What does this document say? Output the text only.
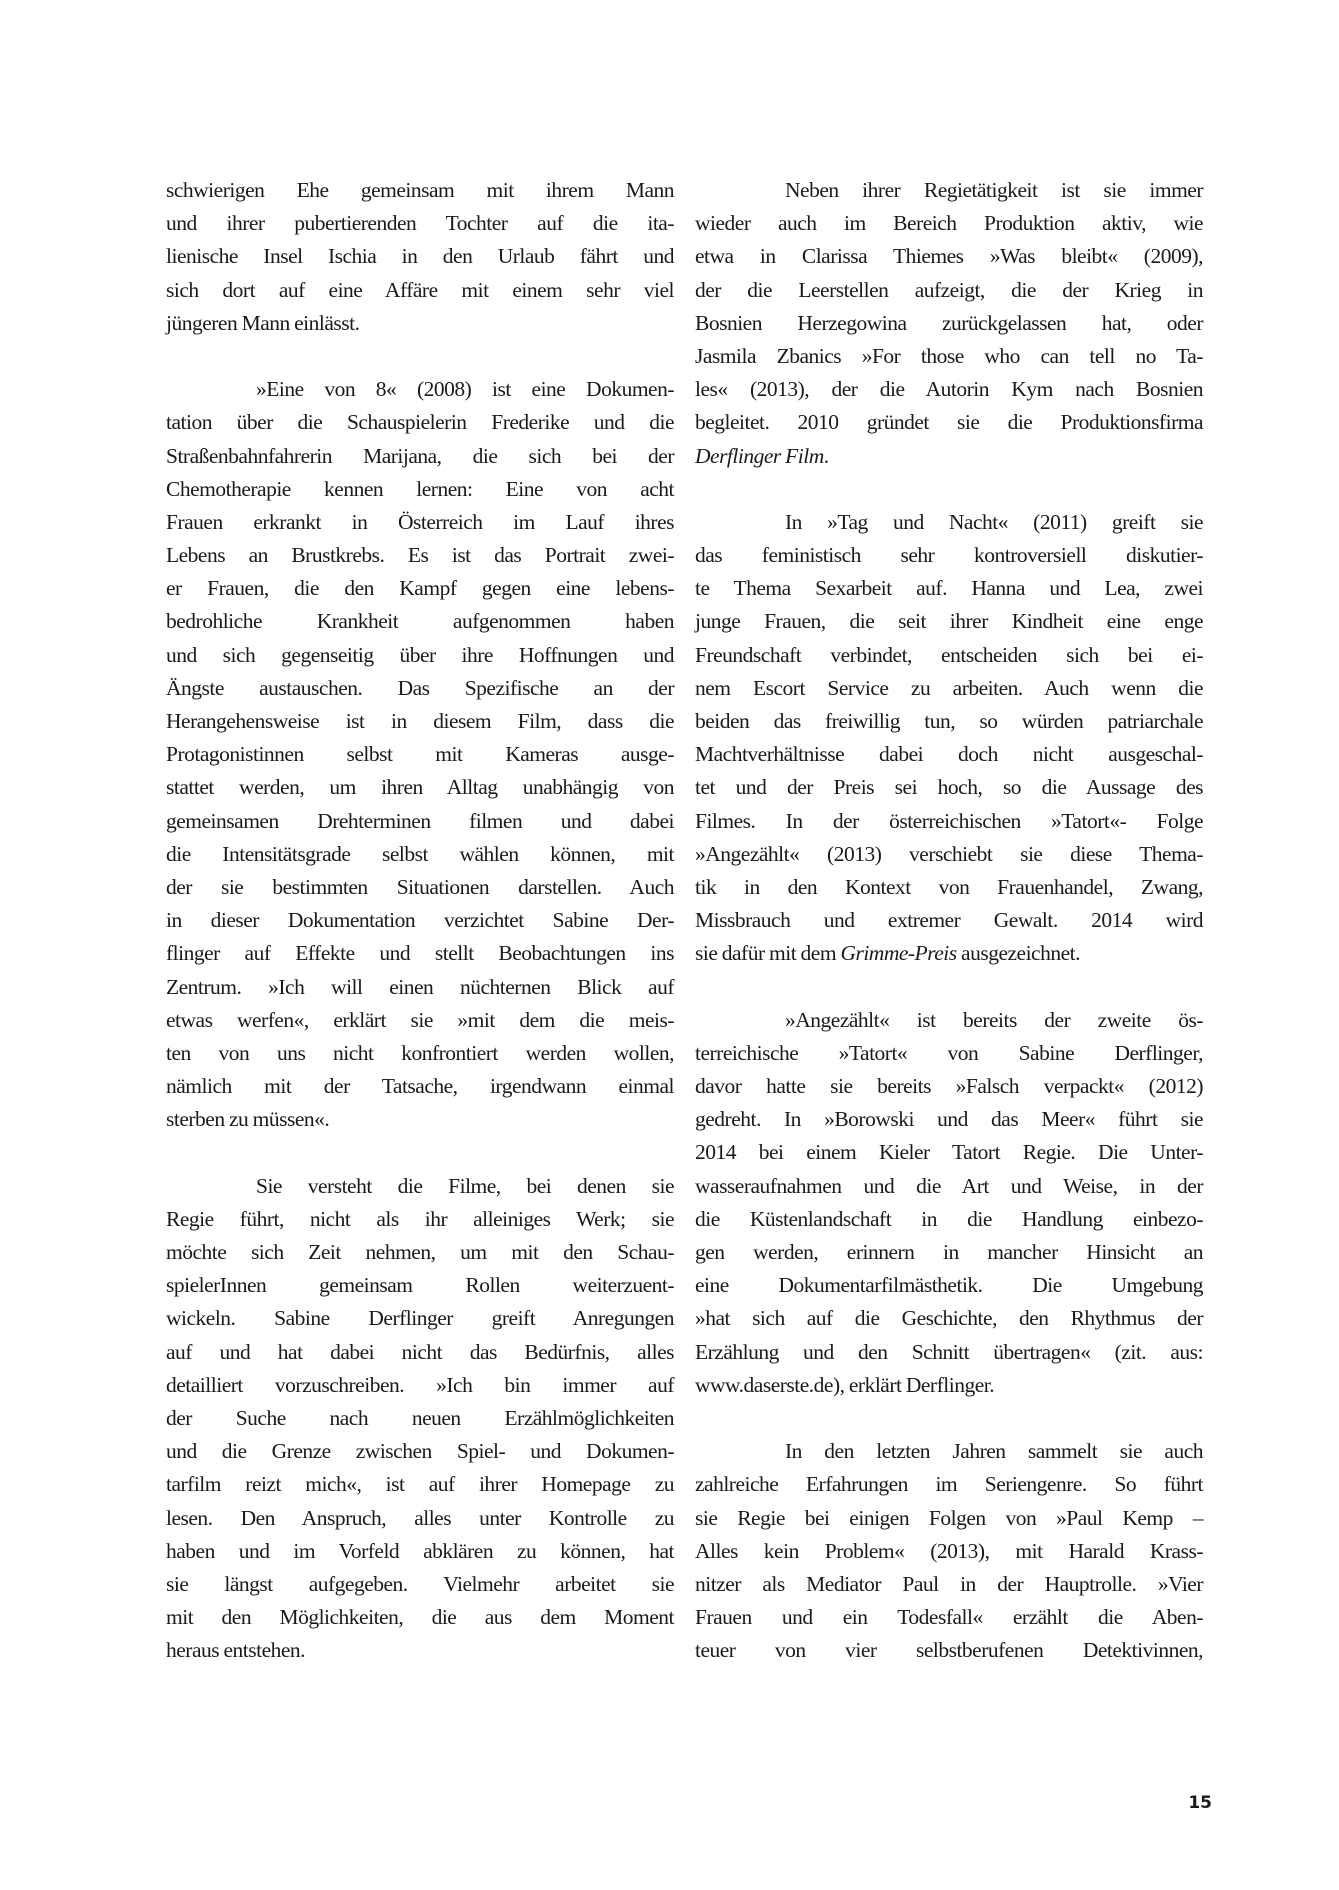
schwierigen Ehe gemeinsam mit ihrem Mann
und ihrer pubertierenden Tochter auf die ita-
lienische Insel Ischia in den Urlaub fährt und
sich dort auf eine Affäre mit einem sehr viel
jüngeren Mann einlässt.
»Eine von 8« (2008) ist eine Dokumen-
tation über die Schauspielerin Frederike und die
Straßenbahnfahrerin Marijana, die sich bei der
Chemotherapie kennen lernen: Eine von acht
Frauen erkrankt in Österreich im Lauf ihres
Lebens an Brustkrebs. Es ist das Portrait zwei-
er Frauen, die den Kampf gegen eine lebens-
bedrohliche Krankheit aufgenommen haben
und sich gegenseitig über ihre Hoffnungen und
Ängste austauschen. Das Spezifische an der
Herangehensweise ist in diesem Film, dass die
Protagonistinnen selbst mit Kameras ausge-
stattet werden, um ihren Alltag unabhängig von
gemeinsamen Drehterminen filmen und dabei
die Intensitätsgrade selbst wählen können, mit
der sie bestimmten Situationen darstellen. Auch
in dieser Dokumentation verzichtet Sabine Der-
flinger auf Effekte und stellt Beobachtungen ins
Zentrum. »Ich will einen nüchternen Blick auf
etwas werfen«, erklärt sie »mit dem die meis-
ten von uns nicht konfrontiert werden wollen,
nämlich mit der Tatsache, irgendwann einmal
sterben zu müssen«.
Sie versteht die Filme, bei denen sie
Regie führt, nicht als ihr alleiniges Werk; sie
möchte sich Zeit nehmen, um mit den Schau-
spielerInnen gemeinsam Rollen weiterzuent-
wickeln. Sabine Derflinger greift Anregungen
auf und hat dabei nicht das Bedürfnis, alles
detailliert vorzuschreiben. »Ich bin immer auf
der Suche nach neuen Erzählmöglichkeiten
und die Grenze zwischen Spiel- und Dokumen-
tarfilm reizt mich«, ist auf ihrer Homepage zu
lesen. Den Anspruch, alles unter Kontrolle zu
haben und im Vorfeld abklären zu können, hat
sie längst aufgegeben. Vielmehr arbeitet sie
mit den Möglichkeiten, die aus dem Moment
heraus entstehen.
Neben ihrer Regietätigkeit ist sie immer
wieder auch im Bereich Produktion aktiv, wie
etwa in Clarissa Thiemes »Was bleibt« (2009),
der die Leerstellen aufzeigt, die der Krieg in
Bosnien Herzegowina zurückgelassen hat, oder
Jasmila Zbanics »For those who can tell no Ta-
les« (2013), der die Autorin Kym nach Bosnien
begleitet. 2010 gründet sie die Produktionsfirma
Derflinger Film.
In »Tag und Nacht« (2011) greift sie
das feministisch sehr kontroversiell diskutier-
te Thema Sexarbeit auf. Hanna und Lea, zwei
junge Frauen, die seit ihrer Kindheit eine enge
Freundschaft verbindet, entscheiden sich bei ei-
nem Escort Service zu arbeiten. Auch wenn die
beiden das freiwillig tun, so würden patriarchale
Machtverhältnisse dabei doch nicht ausgeschal-
tet und der Preis sei hoch, so die Aussage des
Filmes. In der österreichischen »Tatort«- Folge
»Angezählt« (2013) verschiebt sie diese Thema-
tik in den Kontext von Frauenhandel, Zwang,
Missbrauch und extremer Gewalt. 2014 wird
sie dafür mit dem Grimme-Preis ausgezeichnet.
»Angezählt« ist bereits der zweite ös-
terreichische »Tatort« von Sabine Derflinger,
davor hatte sie bereits »Falsch verpackt« (2012)
gedreht. In »Borowski und das Meer« führt sie
2014 bei einem Kieler Tatort Regie. Die Unter-
wasseraufnahmen und die Art und Weise, in der
die Küstenlandschaft in die Handlung einbezo-
gen werden, erinnern in mancher Hinsicht an
eine Dokumentarfilmästhetik. Die Umgebung
»hat sich auf die Geschichte, den Rhythmus der
Erzählung und den Schnitt übertragen« (zit. aus:
www.daserste.de), erklärt Derflinger.
In den letzten Jahren sammelt sie auch
zahlreiche Erfahrungen im Seriengenre. So führt
sie Regie bei einigen Folgen von »Paul Kemp –
Alles kein Problem« (2013), mit Harald Krass-
nitzer als Mediator Paul in der Hauptrolle. »Vier
Frauen und ein Todesfall« erzählt die Aben-
teuer von vier selbstberufenen Detektivinnen,
15
